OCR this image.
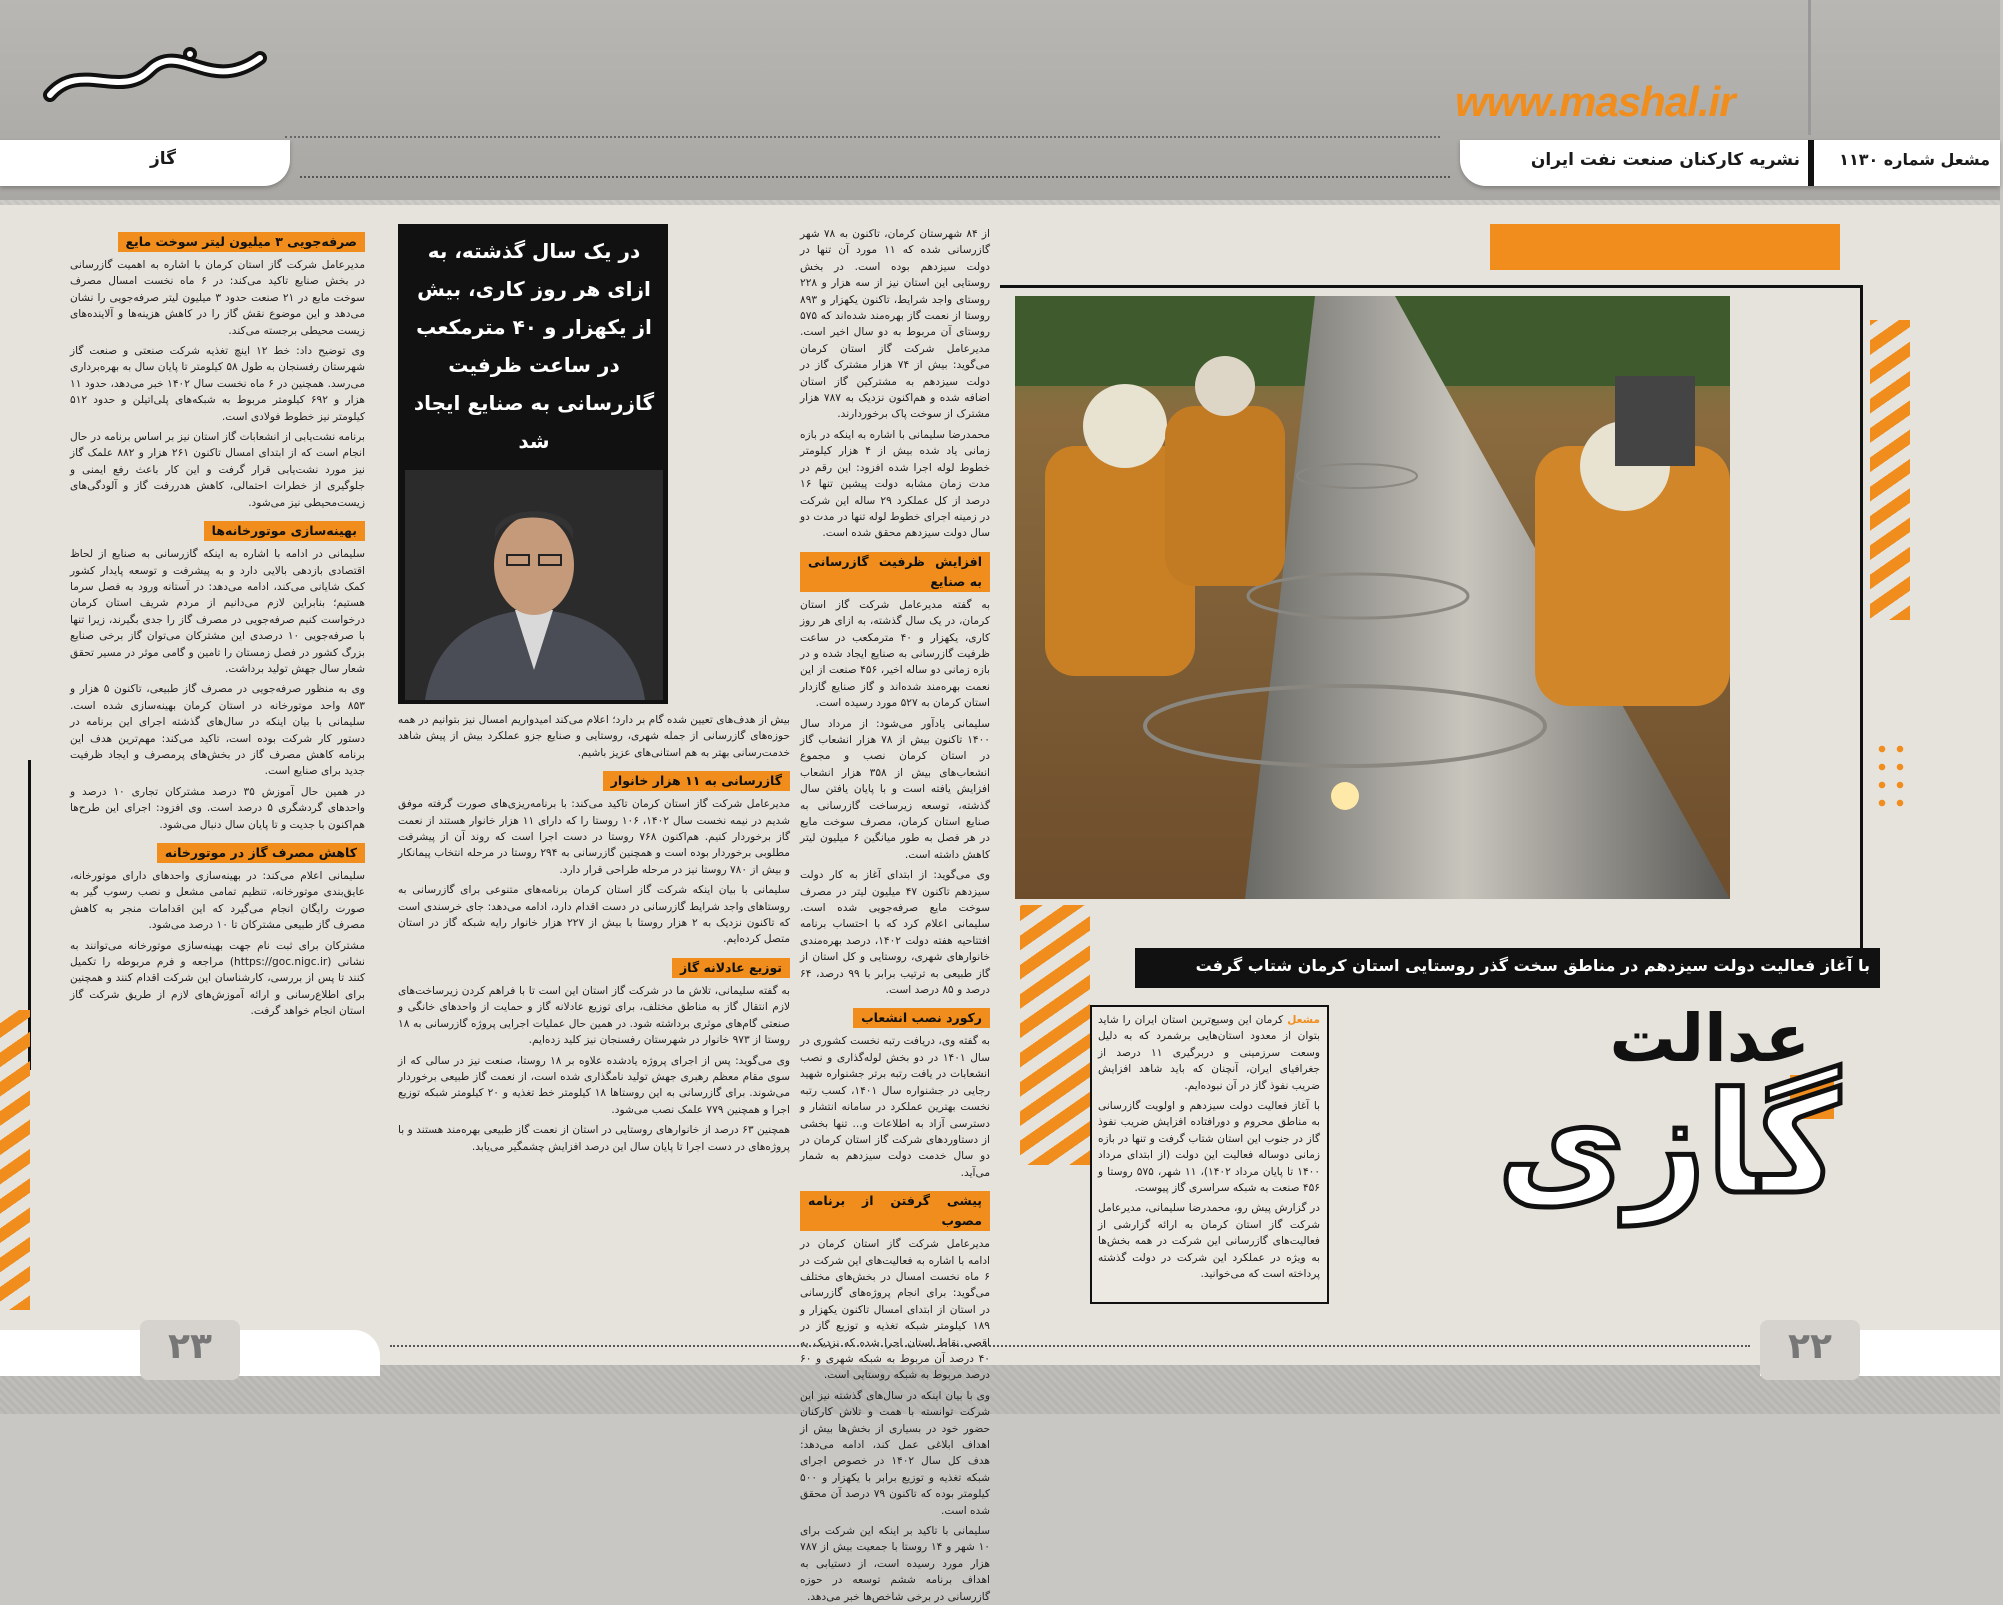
گاز	نشریه کارکنان صنعت نفت ایران	مشعل شماره ۱۱۳۰
www.mashal.ir
با آغاز فعالیت دولت سیزدهم در مناطق سخت گذر روستایی استان کرمان شتاب گرفت
عدالت
گازی

مشعل کرمان این وسیع‌ترین استان ایران را شاید بتوان از معدود استان‌هایی برشمرد که به دلیل وسعت سرزمینی و دربرگیری ۱۱ درصد از جغرافیای ایران، آنچنان که باید شاهد افزایش ضریب نفوذ گاز در آن نبوده‌ایم.

با آغاز فعالیت دولت سیزدهم و اولویت گازرسانی به مناطق محروم و دورافتاده افزایش ضریب نفوذ گاز در جنوب این استان شتاب گرفت و تنها در بازه زمانی دوساله فعالیت این دولت (از ابتدای مرداد ۱۴۰۰ تا پایان مرداد ۱۴۰۲)، ۱۱ شهر، ۵۷۵ روستا و ۴۵۶ صنعت به شبکه سراسری گاز پیوست.

در گزارش پیش رو، محمدرضا سلیمانی، مدیرعامل شرکت گاز استان کرمان به ارائه گزارشی از فعالیت‌های گازرسانی این شرکت در همه بخش‌ها به ویژه در عملکرد این شرکت در دولت گذشته پرداخته است که می‌خوانید.

از ۸۴ شهرستان کرمان، تاکنون به ۷۸ شهر گازرسانی شده که ۱۱ مورد آن تنها در دولت سیزدهم بوده است. در بخش روستایی این استان نیز از سه هزار و ۲۲۸ روستای واجد شرایط، تاکنون یکهزار و ۸۹۳ روستا از نعمت گاز بهره‌مند شده‌اند که ۵۷۵ روستای آن مربوط به دو سال اخیر است. مدیرعامل شرکت گاز استان کرمان می‌گوید: بیش از ۷۴ هزار مشترک گاز در دولت سیزدهم به مشترکین گاز استان اضافه شده و هم‌اکنون نزدیک به ۷۸۷ هزار مشترک از سوخت پاک برخوردارند.

محمدرضا سلیمانی با اشاره به اینکه در بازه زمانی یاد شده بیش از ۴ هزار کیلومتر خطوط لوله اجرا شده افزود: این رقم در مدت زمان مشابه دولت پیشین تنها ۱۶ درصد از کل عملکرد ۲۹ ساله این شرکت در زمینه اجرای خطوط لوله تنها در مدت دو سال دولت سیزدهم محقق شده است.

افزایش ظرفیت گازرسانی به صنایع

به گفته مدیرعامل شرکت گاز استان کرمان، در یک سال گذشته، به ازای هر روز کاری، یکهزار و ۴۰ مترمکعب در ساعت ظرفیت گازرسانی به صنایع ایجاد شده و در بازه زمانی دو ساله اخیر، ۴۵۶ صنعت از این نعمت بهره‌مند شده‌اند و گاز صنایع گازدار استان کرمان به ۵۲۷ مورد رسیده است.

سلیمانی یادآور می‌شود: از مرداد سال ۱۴۰۰ تاکنون بیش از ۷۸ هزار انشعاب گاز در استان کرمان نصب و مجموع انشعاب‌های بیش از ۳۵۸ هزار انشعاب افزایش یافته است و با پایان یافتن سال گذشته، توسعه زیرساخت گازرسانی به صنایع استان کرمان، مصرف سوخت مایع در هر فصل به طور میانگین ۶ میلیون لیتر کاهش داشته است.

وی می‌گوید: از ابتدای آغاز به کار دولت سیزدهم تاکنون ۴۷ میلیون لیتر در مصرف سوخت مایع صرفه‌جویی شده است. سلیمانی اعلام کرد که با احتساب برنامه افتتاحیه هفته دولت ۱۴۰۲، درصد بهره‌مندی خانوارهای شهری، روستایی و کل استان از گاز طبیعی به ترتیب برابر با ۹۹ درصد، ۶۴ درصد و ۸۵ درصد است.

رکورد نصب انشعاب

به گفته وی، دریافت رتبه نخست کشوری در سال ۱۴۰۱ در دو بخش لوله‌گذاری و نصب انشعابات در یافت رتبه برتر جشنواره شهید رجایی در جشنواره سال ۱۴۰۱، کسب رتبه نخست بهترین عملکرد در سامانه انتشار و دسترسی آزاد به اطلاعات و... تنها بخشی از دستاوردهای شرکت گاز استان کرمان در دو سال خدمت دولت سیزدهم به شمار می‌آید.

پیشی گرفتن از برنامه مصوب

مدیرعامل شرکت گاز استان کرمان در ادامه با اشاره به فعالیت‌های این شرکت در ۶ ماه نخست امسال در بخش‌های مختلف می‌گوید: برای انجام پروژه‌های گازرسانی در استان از ابتدای امسال تاکنون یکهزار و ۱۸۹ کیلومتر شبکه تغذیه و توزیع گاز در اقصی نقاط استان اجرا شده که نزدیک به ۴۰ درصد آن مربوط به شبکه شهری و ۶۰ درصد مربوط به شبکه روستایی است.

وی با بیان اینکه در سال‌های گذشته نیز این شرکت توانسته با همت و تلاش کارکنان حضور خود در بسیاری از بخش‌ها بیش از اهداف ابلاغی عمل کند، ادامه می‌دهد: هدف کل سال ۱۴۰۲ در خصوص اجرای شبکه تغذیه و توزیع برابر با یکهزار و ۵۰۰ کیلومتر بوده که تاکنون ۷۹ درصد آن محقق شده است.

سلیمانی با تاکید بر اینکه این شرکت برای ۱۰ شهر و ۱۴ روستا با جمعیت بیش از ۷۸۷ هزار مورد رسیده است، از دستیابی به اهداف برنامه ششم توسعه در حوزه گازرسانی در برخی شاخص‌ها خبر می‌دهد.

۲۲
در یک سال گذشته، به ازای هر روز کاری، بیش از یکهزار و ۴۰ مترمکعب در ساعت ظرفیت گازرسانی به صنایع ایجاد شد

بیش از هدف‌های تعیین شده گام بر دارد؛ اعلام می‌کند امیدواریم امسال نیز بتوانیم در همه حوزه‌های گازرسانی از جمله شهری، روستایی و صنایع جزو عملکرد بیش از پیش شاهد خدمت‌رسانی بهتر به هم استانی‌های عزیز باشیم.

گازرسانی به ۱۱ هزار خانوار

مدیرعامل شرکت گاز استان کرمان تاکید می‌کند: با برنامه‌ریزی‌های صورت گرفته موفق شدیم در نیمه نخست سال ۱۴۰۲، ۱۰۶ روستا را که دارای ۱۱ هزار خانوار هستند از نعمت گاز برخوردار کنیم. هم‌اکنون ۷۶۸ روستا در دست اجرا است که روند آن از پیشرفت مطلوبی برخوردار بوده است و همچنین گازرسانی به ۲۹۴ روستا در مرحله انتخاب پیمانکار و بیش از ۷۸۰ روستا نیز در مرحله طراحی قرار دارد.

سلیمانی با بیان اینکه شرکت گاز استان کرمان برنامه‌های متنوعی برای گازرسانی به روستاهای واجد شرایط گازرسانی در دست اقدام دارد، ادامه می‌دهد: جای خرسندی است که تاکنون نزدیک به ۲ هزار روستا با بیش از ۲۲۷ هزار خانوار رایه شبکه گاز در استان متصل کرده‌ایم.

توزیع عادلانه گاز

به گفته سلیمانی، تلاش ما در شرکت گاز استان این است تا با فراهم کردن زیرساخت‌های لازم انتقال گاز به مناطق مختلف، برای توزیع عادلانه گاز و حمایت از واحدهای خانگی و صنعتی گام‌های موثری برداشته شود. در همین حال عملیات اجرایی پروژه گازرسانی به ۱۸ روستا از ۹۷۳ خانوار در شهرستان رفسنجان نیز کلید زده‌ایم.

وی می‌گوید: پس از اجرای پروژه یادشده علاوه بر ۱۸ روستا، صنعت نیز در سالی که از سوی مقام معظم رهبری جهش تولید نامگذاری شده است، از نعمت گاز طبیعی برخوردار می‌شوند. برای گازرسانی به این روستاها ۱۸ کیلومتر خط تغذیه و ۲۰ کیلومتر شبکه توزیع اجرا و همچنین ۷۷۹ علمک نصب می‌شود.

همچنین ۶۳ درصد از خانوارهای روستایی در استان از نعمت گاز طبیعی بهره‌مند هستند و با پروژه‌های در دست اجرا تا پایان سال این درصد افزایش چشمگیر می‌یابد.

صرفه‌جویی ۳ میلیون لیتر سوخت مایع

مدیرعامل شرکت گاز استان کرمان با اشاره به اهمیت گازرسانی در بخش صنایع تاکید می‌کند: در ۶ ماه نخست امسال مصرف سوخت مایع در ۲۱ صنعت حدود ۳ میلیون لیتر صرفه‌جویی را نشان می‌دهد و این موضوع نقش گاز را در کاهش هزینه‌ها و آلاینده‌های زیست محیطی برجسته می‌کند.

وی توضیح داد: خط ۱۲ اینچ تغذیه شرکت صنعتی و صنعت گاز شهرستان رفسنجان به طول ۵۸ کیلومتر تا پایان سال به بهره‌برداری می‌رسد. همچنین در ۶ ماه نخست سال ۱۴۰۲ خبر می‌دهد، حدود ۱۱ هزار و ۶۹۲ کیلومتر مربوط به شبکه‌های پلی‌اتیلن و حدود ۵۱۲ کیلومتر نیز خطوط فولادی است.

برنامه نشت‌یابی از انشعابات گاز استان نیز بر اساس برنامه در حال انجام است که از ابتدای امسال تاکنون ۲۶۱ هزار و ۸۸۲ علمک گاز نیز مورد نشت‌یابی قرار گرفت و این کار باعث رفع ایمنی و جلوگیری از خطرات احتمالی، کاهش هدررفت گاز و آلودگی‌های زیست‌محیطی نیز می‌شود.

بهینه‌سازی موتورخانه‌ها

سلیمانی در ادامه با اشاره به اینکه گازرسانی به صنایع از لحاظ اقتصادی بازدهی بالایی دارد و به پیشرفت و توسعه پایدار کشور کمک شایانی می‌کند، ادامه می‌دهد: در آستانه ورود به فصل سرما هستیم؛ بنابراین لازم می‌دانیم از مردم شریف استان کرمان درخواست کنیم صرفه‌جویی در مصرف گاز را جدی بگیرند، زیرا تنها با صرفه‌جویی ۱۰ درصدی این مشترکان می‌توان گاز برخی صنایع بزرگ کشور در فصل زمستان را تامین و گامی موثر در مسیر تحقق شعار سال جهش تولید برداشت.

وی به منظور صرفه‌جویی در مصرف گاز طبیعی، تاکنون ۵ هزار و ۸۵۳ واحد موتورخانه در استان کرمان بهینه‌سازی شده است. سلیمانی با بیان اینکه در سال‌های گذشته اجرای این برنامه در دستور کار شرکت بوده است، تاکید می‌کند: مهم‌ترین هدف این برنامه کاهش مصرف گاز در بخش‌های پرمصرف و ایجاد ظرفیت جدید برای صنایع است.

در همین حال آموزش ۳۵ درصد مشترکان تجاری ۱۰ درصد و واحدهای گردشگری ۵ درصد است. وی افزود: اجرای این طرح‌ها هم‌اکنون با جدیت و تا پایان سال دنبال می‌شود.

کاهش مصرف گاز در موتورخانه

سلیمانی اعلام می‌کند: در بهینه‌سازی واحدهای دارای موتورخانه، عایق‌بندی موتورخانه، تنظیم تمامی مشعل و نصب رسوب گیر به صورت رایگان انجام می‌گیرد که این اقدامات منجر به کاهش مصرف گاز طبیعی مشترکان تا ۱۰ درصد می‌شود.

مشترکان برای ثبت نام جهت بهینه‌سازی موتورخانه می‌توانند به نشانی (https://goc.nigc.ir) مراجعه و فرم مربوطه را تکمیل کنند تا پس از بررسی، کارشناسان این شرکت اقدام کنند و همچنین برای اطلاع‌رسانی و ارائه آموزش‌های لازم از طریق شرکت گاز استان انجام خواهد گرفت.

۲۳
